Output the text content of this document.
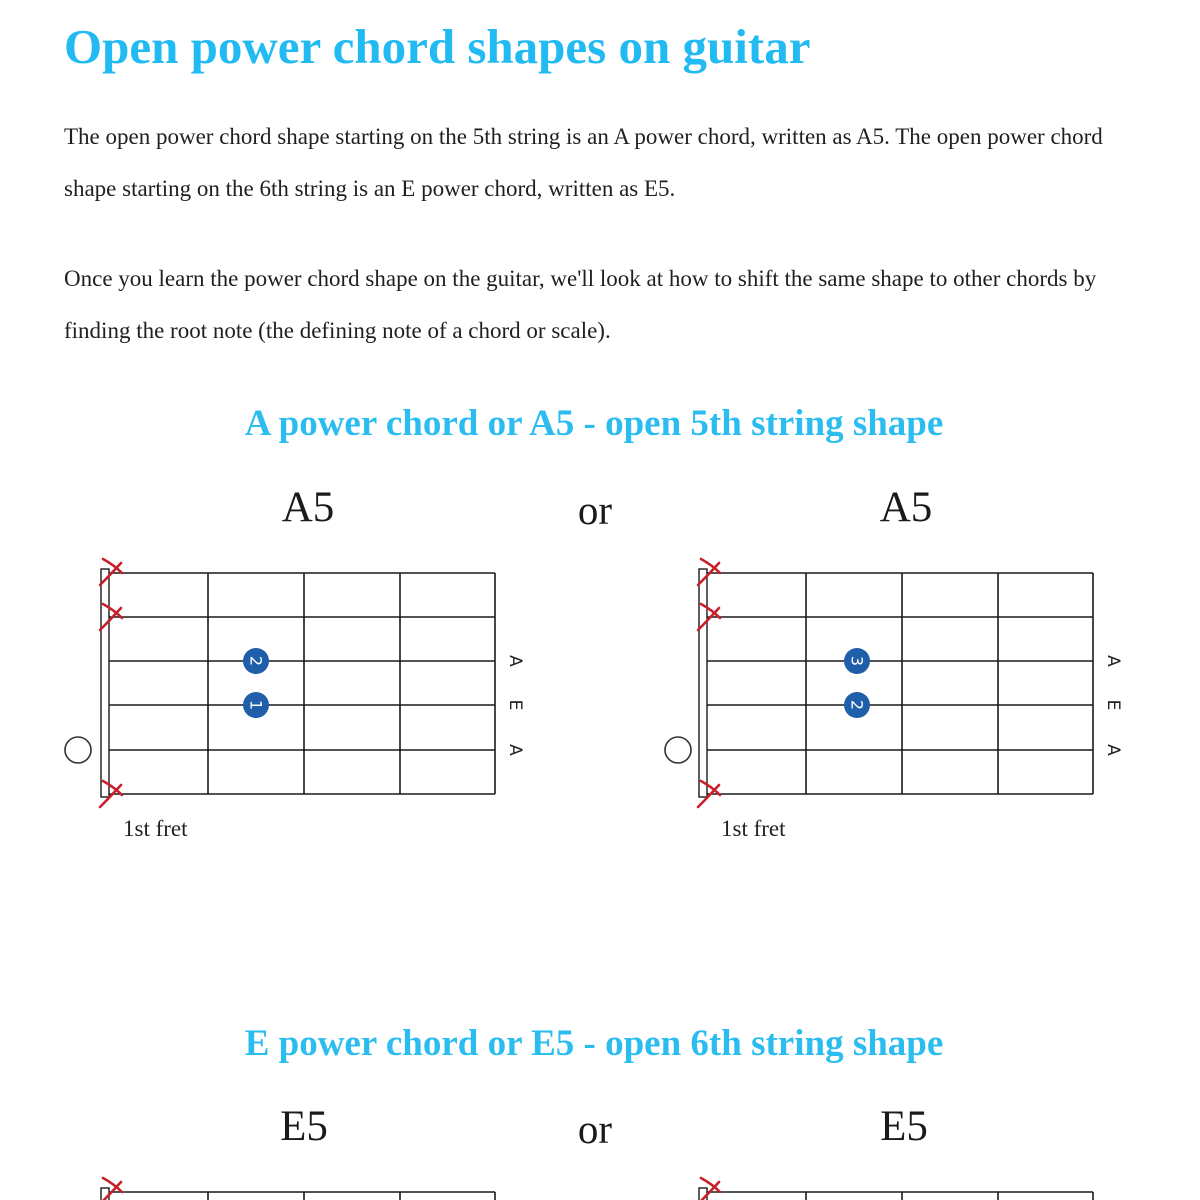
Open power chord shapes on guitar

The open power chord shape starting on the 5th string is an A power chord, written as A5. The open power chord shape starting on the 6th string is an E power chord, written as E5.

Once you learn the power chord shape on the guitar, we'll look at how to shift the same shape to other chords by finding the root note (the defining note of a chord or scale).

A power chord or A5 - open 5th string shape
A5	or	A5
2
1
A
E
A
1st fret
3
2
A
E
A
1st fret
E power chord or E5 - open 6th string shape
E5	or	E5
